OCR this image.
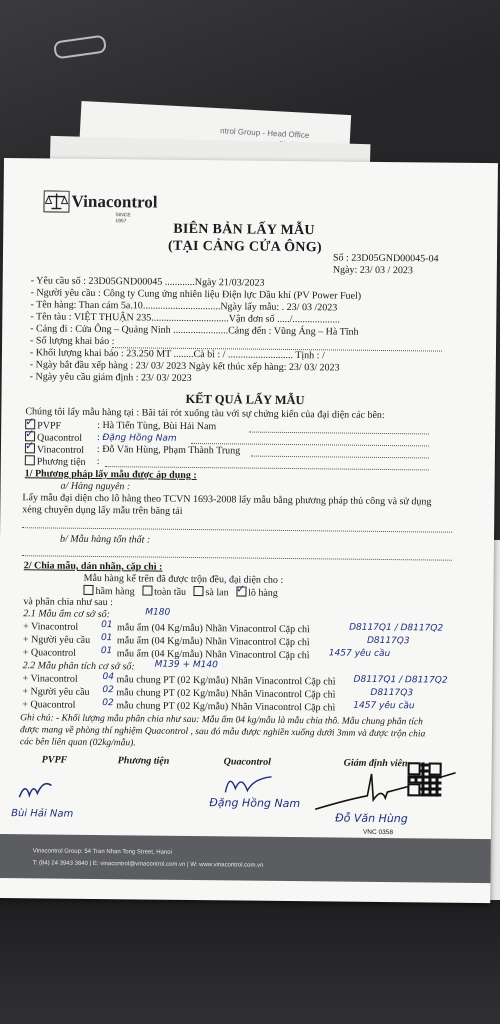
ntrol Group - Head Office
Vinacontrol
SINCE 1957
BIÊN BẢN LẤY MẪU
(TẠI CẢNG CỬA ÔNG)
Số : 23D05GND00045-04
Ngày: 23/ 03 / 2023
- Yêu cầu số : 23D05GND00045 ............Ngày 21/03/2023
- Người yêu cầu : Công ty Cung ứng nhiên liệu Điện lực Dầu khí (PV Power Fuel)
- Tên hàng: Than cám 5a.10...............................Ngày lấy mẫu: . 23/ 03 /2023
- Tên tàu : VIỆT THUẬN 235...............................Vận đơn số ...../...................
- Cảng đi : Cửa Ông – Quảng Ninh ......................Cảng đến : Vũng Áng – Hà Tĩnh
- Số lượng khai báo :
- Khối lượng khai báo : 23.250 MT ........Cà bì : / .......................... Tịnh : /
- Ngày bắt đầu xếp hàng : 23/ 03/ 2023 Ngày kết thúc xếp hàng: 23/ 03/ 2023
- Ngày yêu cầu giám định : 23/ 03/ 2023
KẾT QUẢ LẤY MẪU
Chúng tôi lấy mẫu hàng tại : Bãi tải rót xuống tàu với sự chứng kiến của đại diện các bên:
✓PVPF	: Hà Tiến Tùng, Bùi Hải Nam
✓Quacontrol : Đặng Hồng Nam
✓Vinacontrol : Đỗ Văn Hùng, Phạm Thành Trung
Phương tiện :
1/ Phương pháp lấy mẫu được áp dụng :
a/ Hàng nguyên :
Lấy mẫu đại diện cho lô hàng theo TCVN 1693-2008 lấy mẫu bằng phương pháp thủ công và sử dụng
xẻng chuyên dụng lấy mẫu trên băng tải
b/ Mẫu hàng tổn thất :
2/ Chia mẫu, dán nhãn, cặp chì :
Mẫu hàng kể trên đã được trộn đều, đại diện cho :
hầm hàng toàn tầu sà lan   ✓ lô hàng
và phân chia như sau :
2.1 Mẫu ẩm cơ sở số:	M180
+ Vinacontrol	01 mẫu ẩm (04 Kg/mẫu) Nhãn Vinacontrol Cặp chì	D8117Q1 / D8117Q2
+ Người yêu cầu 01 mẫu ẩm (04 Kg/mẫu) Nhãn Vinacontrol Cặp chì	D8117Q3
+ Quacontrol	01 mẫu ẩm (04 Kg/mẫu) Nhãn Vinacontrol Cặp chì 1457 yêu cầu
2.2 Mẫu phân tích cơ sở số: M139 + M140
+ Vinacontrol	04 mẫu chung PT (02 Kg/mẫu) Nhãn Vinacontrol Cặp chì D8117Q1 / D8117Q2
+ Người yêu cầu 02 mẫu chung PT (02 Kg/mẫu) Nhãn Vinacontrol Cặp chì	D8117Q3
+ Quacontrol	02 mẫu chung PT (02 Kg/mẫu) Nhãn Vinacontrol Cặp chì 1457 yêu cầu
Ghi chú: - Khối lượng mẫu phân chia như sau: Mẫu ẩm 04 kg/mẫu là mẫu chia thô. Mẫu chung phân tích
được mang về phòng thí nghiệm Quacontrol , sau đó mẫu được nghiền xuống dưới 3mm và được trộn chia
các bên liên quan (02kg/mẫu).
PVPF	Phương tiện	Quacontrol	Giám định viên
Bùi Hải Nam
Đặng Hồng Nam
Đỗ Văn Hùng
VNC 0358
Vinacontrol Group: 54 Tran Nhan Tong Street, Hanoi
T: (84) 24 3943 3840 | E: vinacontrol@vinacontrol.com.vn | W: www.vinacontrol.com.vn
